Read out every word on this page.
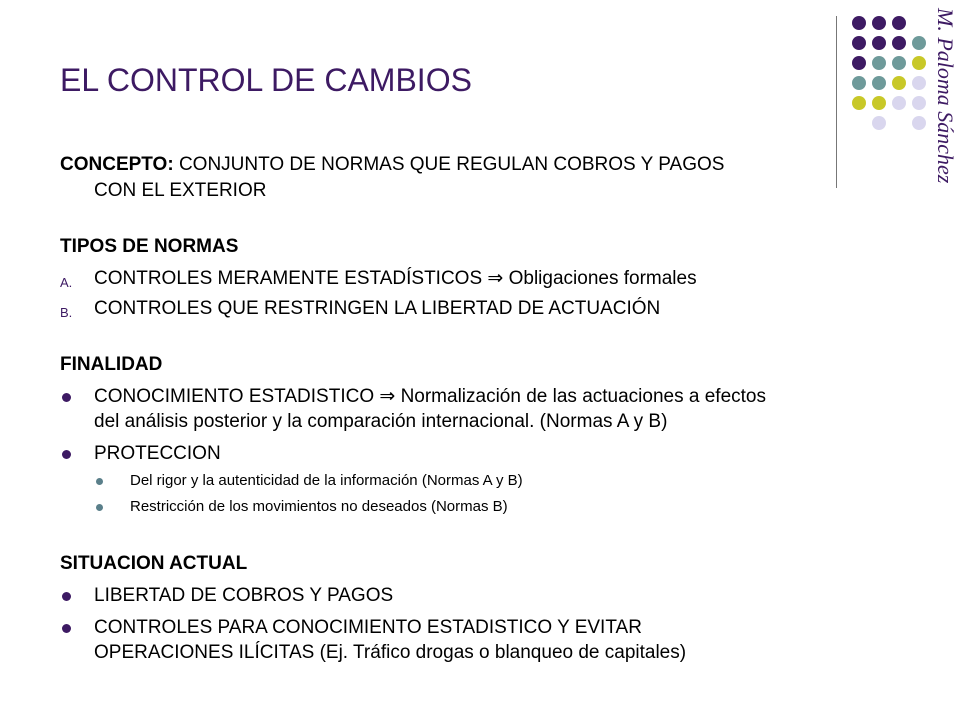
EL CONTROL DE CAMBIOS	M. Paloma Sánchez
CONCEPTO: CONJUNTO DE NORMAS QUE REGULAN COBROS Y PAGOS
CON EL EXTERIOR
TIPOS DE NORMAS
A. CONTROLES MERAMENTE ESTADÍSTICOS ⇒ Obligaciones formales
B. CONTROLES QUE RESTRINGEN LA LIBERTAD DE ACTUACIÓN
FINALIDAD
CONOCIMIENTO ESTADISTICO ⇒ Normalización de las actuaciones a efectos
del análisis posterior y la comparación internacional. (Normas A y B)
PROTECCION
Del rigor y la autenticidad de la información (Normas A y B)
Restricción de los movimientos no deseados (Normas B)
SITUACION ACTUAL
LIBERTAD DE COBROS Y PAGOS
CONTROLES PARA CONOCIMIENTO ESTADISTICO Y EVITAR
OPERACIONES ILÍCITAS (Ej. Tráfico drogas o blanqueo de capitales)
